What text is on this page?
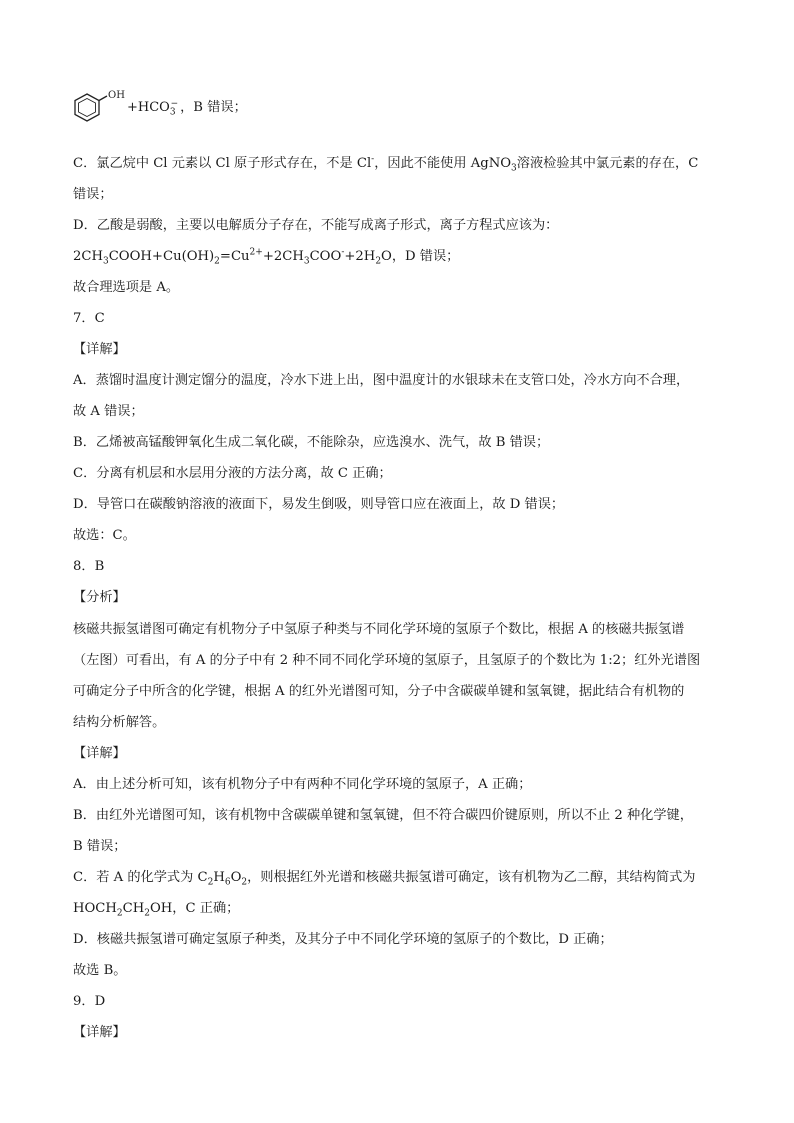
OH
$+HCO_3^-$ ，B 错误；
C．氯乙烷中 Cl 元素以 Cl 原子形式存在，不是 Cl-，因此不能使用 AgNO$_3$溶液检验其中氯元素的存在，C
错误；
D．乙酸是弱酸，主要以电解质分子存在，不能写成离子形式，离子方程式应该为：
$2CH_3COOH+Cu(OH)_2=Cu^{2+}+2CH_3COO^-+2H_2O$，D 错误；
故合理选项是 A。
7．C
【详解】
A．蒸馏时温度计测定馏分的温度，冷水下进上出，图中温度计的水银球未在支管口处，冷水方向不合理，
故 A 错误；
B．乙烯被高锰酸钾氧化生成二氧化碳，不能除杂，应选溴水、洗气，故 B 错误；
C．分离有机层和水层用分液的方法分离，故 C 正确；
D．导管口在碳酸钠溶液的液面下，易发生倒吸，则导管口应在液面上，故 D 错误；
故选：C。
8．B
【分析】
核磁共振氢谱图可确定有机物分子中氢原子种类与不同化学环境的氢原子个数比，根据 A 的核磁共振氢谱
（左图）可看出，有 A 的分子中有 2 种不同不同化学环境的氢原子，且氢原子的个数比为 1:2；红外光谱图
可确定分子中所含的化学键，根据 A 的红外光谱图可知，分子中含碳碳单键和氢氧键，据此结合有机物的
结构分析解答。
【详解】
A．由上述分析可知，该有机物分子中有两种不同化学环境的氢原子，A 正确；
B．由红外光谱图可知，该有机物中含碳碳单键和氢氧键，但不符合碳四价键原则，所以不止 2 种化学键，
B 错误；
C．若 A 的化学式为 $C_2H_6O_2$，则根据红外光谱和核磁共振氢谱可确定，该有机物为乙二醇，其结构简式为
$HOCH_2CH_2OH$，C 正确；
D．核磁共振氢谱可确定氢原子种类，及其分子中不同化学环境的氢原子的个数比，D 正确；
故选 B。
9．D
【详解】
